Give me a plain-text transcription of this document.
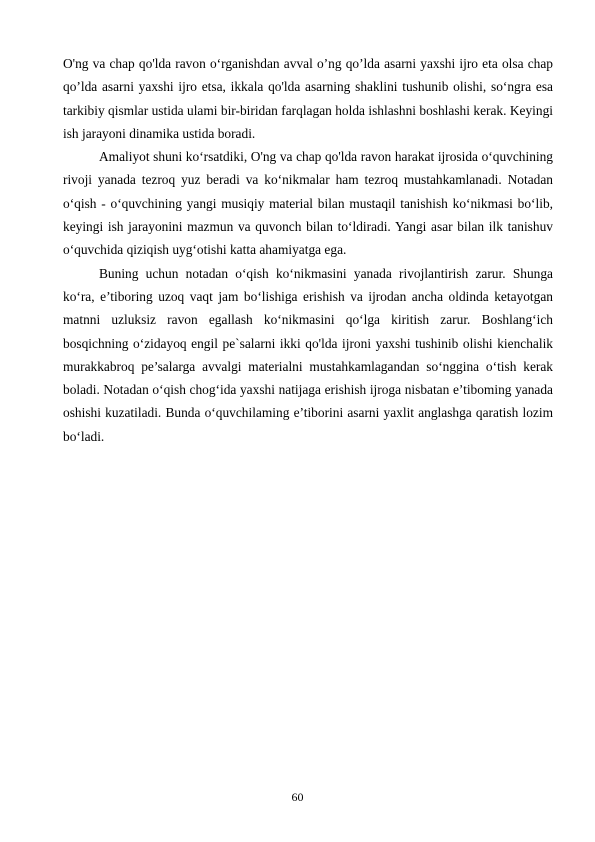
O'ng va chap qo'lda ravon o‘rganishdan avval o’ng qo’lda asarni yaxshi ijro eta olsa chap qo’lda asarni yaxshi ijro etsa, ikkala qo'lda asarning shaklini tushunib olishi, so‘ngra esa tarkibiy qismlar ustida ulami bir-biridan farqlagan holda ishlashni boshlashi kerak. Keyingi ish jarayoni dinamika ustida boradi.

Amaliyot shuni ko‘rsatdiki, O'ng va chap qo'lda ravon harakat ijrosida o‘quvchining rivoji yanada tezroq yuz beradi va ko‘nikmalar ham tezroq mustahkamlanadi. Notadan o‘qish - o‘quvchining yangi musiqiy material bilan mustaqil tanishish ko‘nikmasi bo‘lib, keyingi ish jarayonini mazmun va quvonch bilan to‘ldiradi. Yangi asar bilan ilk tanishuv o‘quvchida qiziqish uyg‘otishi katta ahamiyatga ega.

Buning uchun notadan o‘qish ko‘nikmasini yanada rivojlantirish zarur. Shunga ko‘ra, e’tiboring uzoq vaqt jam bo‘lishiga erishish va ijrodan ancha oldinda ketayotgan matnni uzluksiz ravon egallash ko‘nikmasini qo‘lga kiritish zarur. Boshlang‘ich bosqichning o‘zidayoq engil pe`salarni ikki qo'lda ijroni yaxshi tushinib olishi kienchalik murakkabroq pe’salarga avvalgi materialni mustahkamlagandan so‘nggina o‘tish kerak boladi. Notadan o‘qish chog‘ida yaxshi natijaga erishish ijroga nisbatan e’tiboming yanada oshishi kuzatiladi. Bunda o‘quvchilaming e’tiborini asarni yaxlit anglashga qaratish lozim bo‘ladi.

60
